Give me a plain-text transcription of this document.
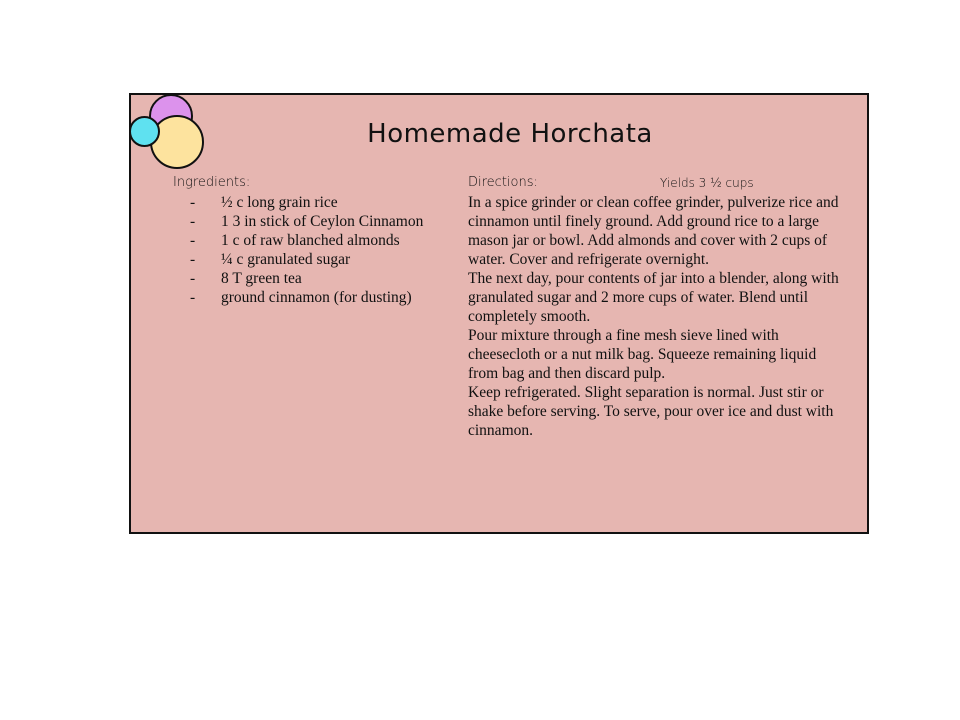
Homemade Horchata
Ingredients:	Directions:	Yields 3 ½ cups
- ½ c long grain rice
- 1 3 in stick of Ceylon Cinnamon
- 1 c of raw blanched almonds
- ¼ c granulated sugar
- 8 T green tea
- ground cinnamon (for dusting)

In a spice grinder or clean coffee grinder, pulverize rice and cinnamon until finely ground. Add ground rice to a large mason jar or bowl. Add almonds and cover with 2 cups of water. Cover and refrigerate overnight.

The next day, pour contents of jar into a blender, along with granulated sugar and 2 more cups of water. Blend until completely smooth.

Pour mixture through a fine mesh sieve lined with cheesecloth or a nut milk bag. Squeeze remaining liquid from bag and then discard pulp.

Keep refrigerated. Slight separation is normal. Just stir or shake before serving. To serve, pour over ice and dust with cinnamon.
